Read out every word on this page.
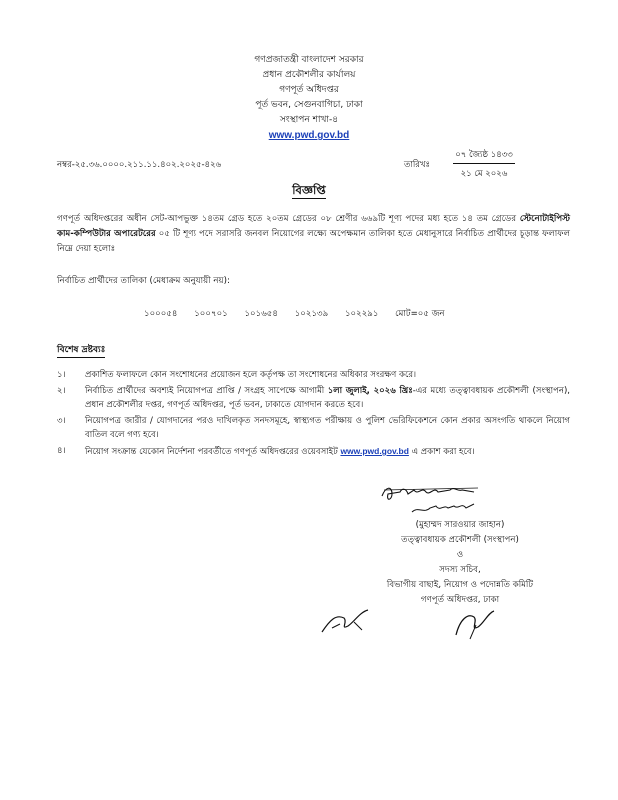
গণপ্রজাতন্ত্রী বাংলাদেশ সরকার
প্রধান প্রকৌশলীর কার্যালয়
গণপূর্ত অধিদপ্তর
পূর্ত ভবন, সেগুনবাগিচা, ঢাকা
সংস্থাপন শাখা-৪
www.pwd.gov.bd
নম্বর-২৫.৩৬.০০০০.২১১.১১.৪০২.২০২৫-৪২৬	তারিখঃ
০৭ জ্যৈষ্ঠ ১৪৩৩
২১ মে ২০২৬
বিজ্ঞপ্তি
গণপূর্ত অধিদপ্তরের অধীন সেট-আপভুক্ত ১৪তম গ্রেড হতে ২০তম গ্রেডের ০৮ শ্রেণীর ৬৬৯টি শূণ্য পদের মধ্য হতে ১৪ তম গ্রেডের স্টেনোটাইপিস্ট কাম-কম্পিউটার অপারেটরের ০৫ টি শূণ্য পদে সরাসরি জনবল নিয়োগের লক্ষ্যে অপেক্ষমান তালিকা হতে মেধানুসারে নির্বাচিত প্রার্থীদের চূড়ান্ত ফলাফল নিম্নে দেয়া হলোঃ
নির্বাচিত প্রার্থীদের তালিকা (মেধাক্রম অনুযায়ী নয়):
১০০০৫৪ ১০০৭০১ ১০১৬৫৪ ১০২১৩৯ ১০২২৯১ মোট=০৫ জন
বিশেষ দ্রষ্টব্যঃ
১। প্রকাশিত ফলাফলে কোন সংশোধনের প্রয়োজন হলে কর্তৃপক্ষ তা সংশোধনের অধিকার সংরক্ষণ করে।
২। নির্বাচিত প্রার্থীদের অবশ্যই নিয়োগপত্র প্রাপ্তি / সংগ্রহ সাপেক্ষে আগামী ১লা জুলাই, ২০২৬ খ্রিঃ-এর মধ্যে তত্ত্বাবধায়ক প্রকৌশলী (সংস্থাপন), প্রধান প্রকৌশলীর দপ্তর, গণপূর্ত অধিদপ্তর, পূর্ত ভবন, ঢাকাতে যোগদান করতে হবে।
৩। নিয়োগপত্র জারীর / যোগদানের পরও দাখিলকৃত সনদসমূহে, স্বাস্থ্যগত পরীক্ষায় ও পুলিশ ভেরিফিকেশনে কোন প্রকার অসংগতি থাকলে নিয়োগ বাতিল বলে গণ্য হবে।
৪। নিয়োগ সংক্রান্ত যেকোন নির্দেশনা পরবর্তীতে গণপূর্ত অধিদপ্তরের ওয়েবসাইট www.pwd.gov.bd এ প্রকাশ করা হবে।
(মুহাম্মদ সারওয়ার জাহান)
তত্ত্বাবধায়ক প্রকৌশলী (সংস্থাপন)
ও
সদস্য সচিব,
বিভাগীয় বাছাই, নিয়োগ ও পদোন্নতি কমিটি
গণপূর্ত অধিদপ্তর, ঢাকা
